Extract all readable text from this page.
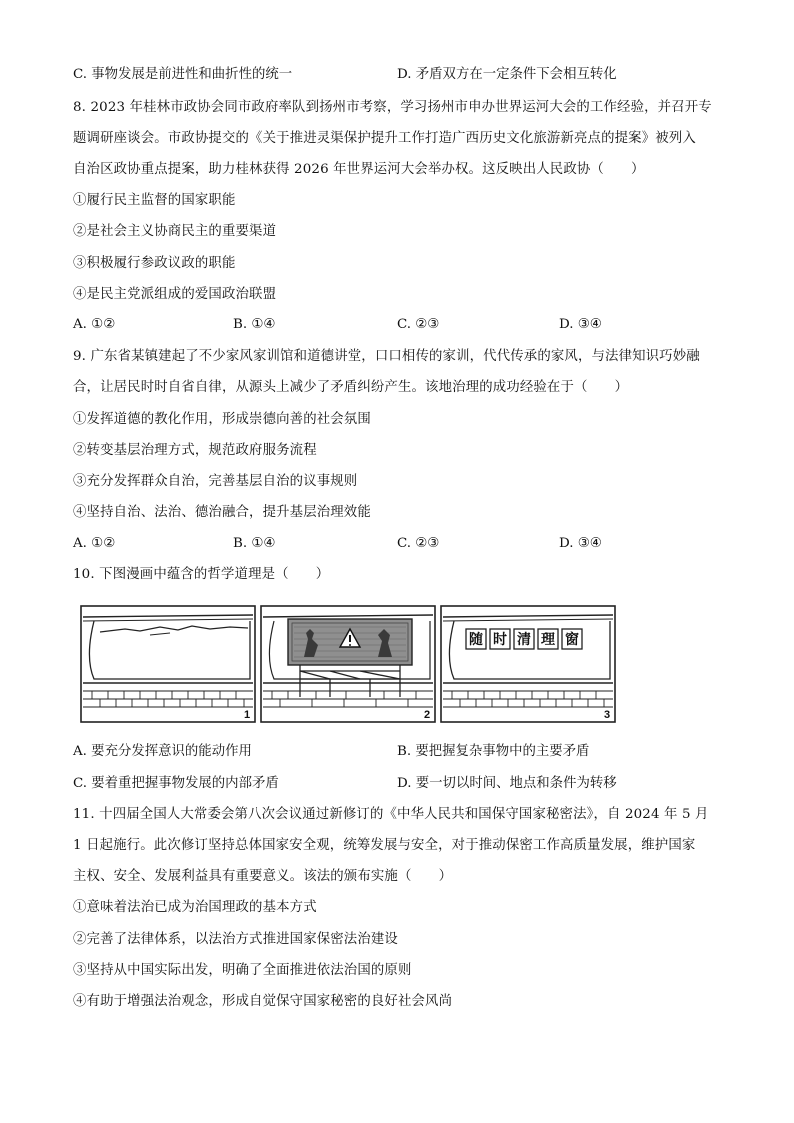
C. 事物发展是前进性和曲折性的统一	D. 矛盾双方在一定条件下会相互转化
8. 2023 年桂林市政协会同市政府率队到扬州市考察，学习扬州市申办世界运河大会的工作经验，并召开专
题调研座谈会。市政协提交的《关于推进灵渠保护提升工作打造广西历史文化旅游新亮点的提案》被列入
自治区政协重点提案，助力桂林获得 2026 年世界运河大会举办权。这反映出人民政协（　　）
①履行民主监督的国家职能
②是社会主义协商民主的重要渠道
③积极履行参政议政的职能
④是民主党派组成的爱国政治联盟
A. ①②	B. ①④	C. ②③	D. ③④
9. 广东省某镇建起了不少家风家训馆和道德讲堂，口口相传的家训，代代传承的家风，与法律知识巧妙融
合，让居民时时自省自律，从源头上减少了矛盾纠纷产生。该地治理的成功经验在于（　　）
①发挥道德的教化作用，形成崇德向善的社会氛围
②转变基层治理方式，规范政府服务流程
③充分发挥群众自治，完善基层自治的议事规则
④坚持自治、法治、德治融合，提升基层治理效能
A. ①②	B. ①④	C. ②③	D. ③④
10. 下图漫画中蕴含的哲学道理是（　　）
1	2
随 时 清 理 窗
3
A. 要充分发挥意识的能动作用	B. 要把握复杂事物中的主要矛盾
C. 要着重把握事物发展的内部矛盾	D. 要一切以时间、地点和条件为转移
11. 十四届全国人大常委会第八次会议通过新修订的《中华人民共和国保守国家秘密法》，自 2024 年 5 月
1 日起施行。此次修订坚持总体国家安全观，统筹发展与安全，对于推动保密工作高质量发展，维护国家
主权、安全、发展利益具有重要意义。该法的颁布实施（　　）
①意味着法治已成为治国理政的基本方式
②完善了法律体系，以法治方式推进国家保密法治建设
③坚持从中国实际出发，明确了全面推进依法治国的原则
④有助于增强法治观念，形成自觉保守国家秘密的良好社会风尚
